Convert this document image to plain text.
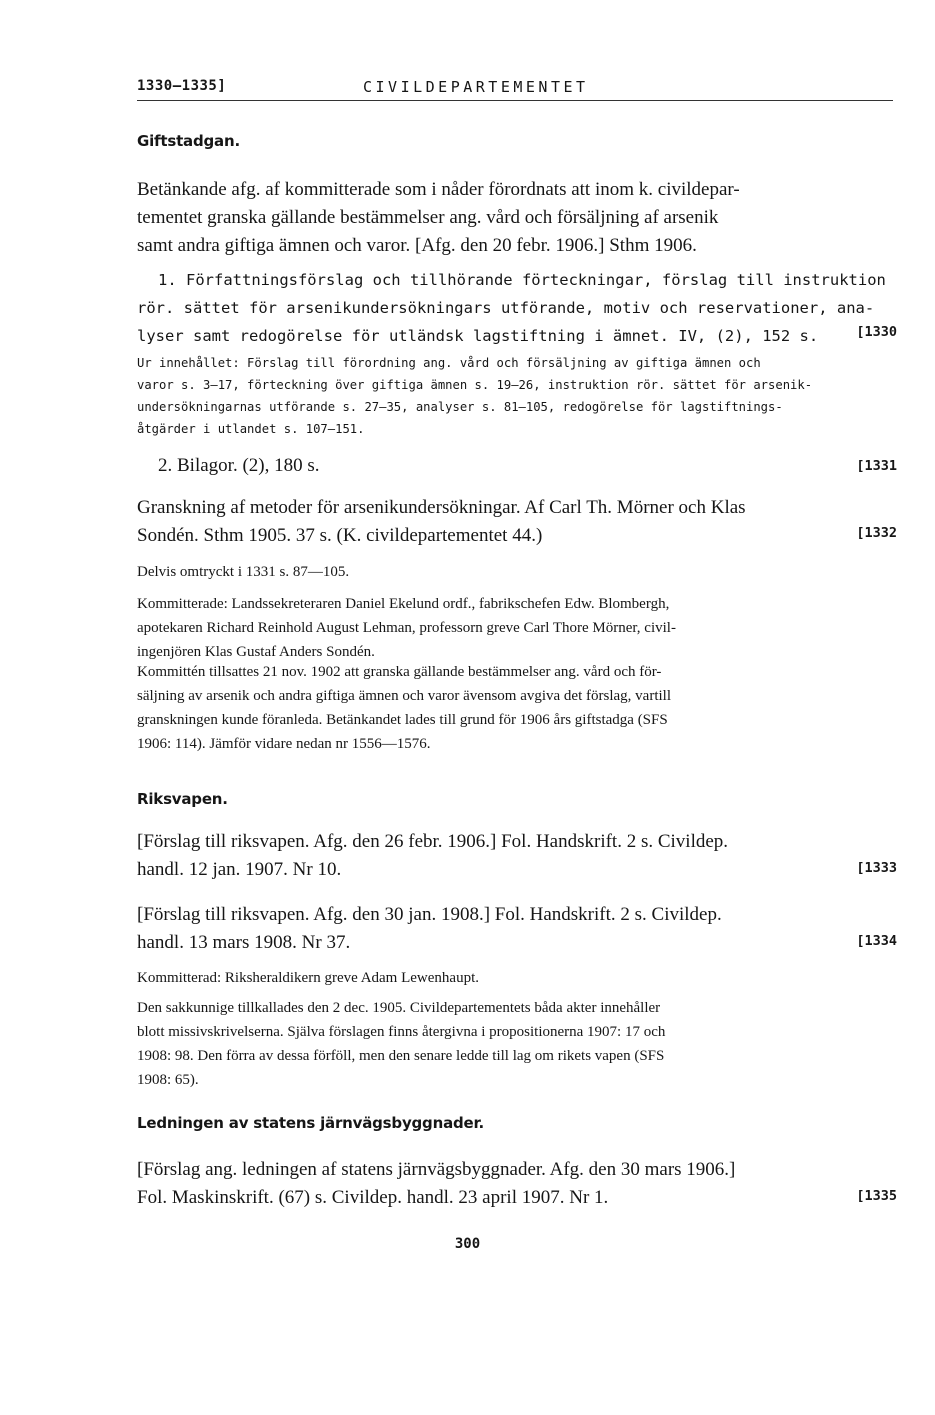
1330—1335]	CIVILDEPARTEMENTET
Giftstadgan.
Betänkande afg. af kommitterade som i nåder förordnats att inom k. civildepar-
tementet granska gällande bestämmelser ang. vård och försäljning af arsenik
samt andra giftiga ämnen och varor. [Afg. den 20 febr. 1906.] Sthm 1906.
1. Författningsförslag och tillhörande förteckningar, förslag till instruktion
rör. sättet för arsenikundersökningars utförande, motiv och reservationer, ana-
lyser samt redogörelse för utländsk lagstiftning i ämnet. IV, (2), 152 s.	[1330
Ur innehållet: Förslag till förordning ang. vård och försäljning av giftiga ämnen och
varor s. 3—17, förteckning över giftiga ämnen s. 19—26, instruktion rör. sättet för arsenik-
undersökningarnas utförande s. 27—35, analyser s. 81—105, redogörelse för lagstiftnings-
åtgärder i utlandet s. 107—151.
2. Bilagor. (2), 180 s.	[1331
Granskning af metoder för arsenikundersökningar. Af Carl Th. Mörner och Klas
Sondén. Sthm 1905. 37 s. (K. civildepartementet 44.)	[1332
Delvis omtryckt i 1331 s. 87—105.
Kommitterade: Landssekreteraren Daniel Ekelund ordf., fabrikschefen Edw. Blombergh,
apotekaren Richard Reinhold August Lehman, professorn greve Carl Thore Mörner, civil-
ingenjören Klas Gustaf Anders Sondén.
Kommittén tillsattes 21 nov. 1902 att granska gällande bestämmelser ang. vård och för-
säljning av arsenik och andra giftiga ämnen och varor ävensom avgiva det förslag, vartill
granskningen kunde föranleda. Betänkandet lades till grund för 1906 års giftstadga (SFS
1906: 114). Jämför vidare nedan nr 1556—1576.
Riksvapen.
[Förslag till riksvapen. Afg. den 26 febr. 1906.] Fol. Handskrift. 2 s. Civildep.
handl. 12 jan. 1907. Nr 10.	[1333
[Förslag till riksvapen. Afg. den 30 jan. 1908.] Fol. Handskrift. 2 s. Civildep.
handl. 13 mars 1908. Nr 37.	[1334
Kommitterad: Riksheraldikern greve Adam Lewenhaupt.
Den sakkunnige tillkallades den 2 dec. 1905. Civildepartementets båda akter innehåller
blott missivskrivelserna. Själva förslagen finns återgivna i propositionerna 1907: 17 och
1908: 98. Den förra av dessa förföll, men den senare ledde till lag om rikets vapen (SFS
1908: 65).
Ledningen av statens järnvägsbyggnader.
[Förslag ang. ledningen af statens järnvägsbyggnader. Afg. den 30 mars 1906.]
Fol. Maskinskrift. (67) s. Civildep. handl. 23 april 1907. Nr 1.	[1335
300
